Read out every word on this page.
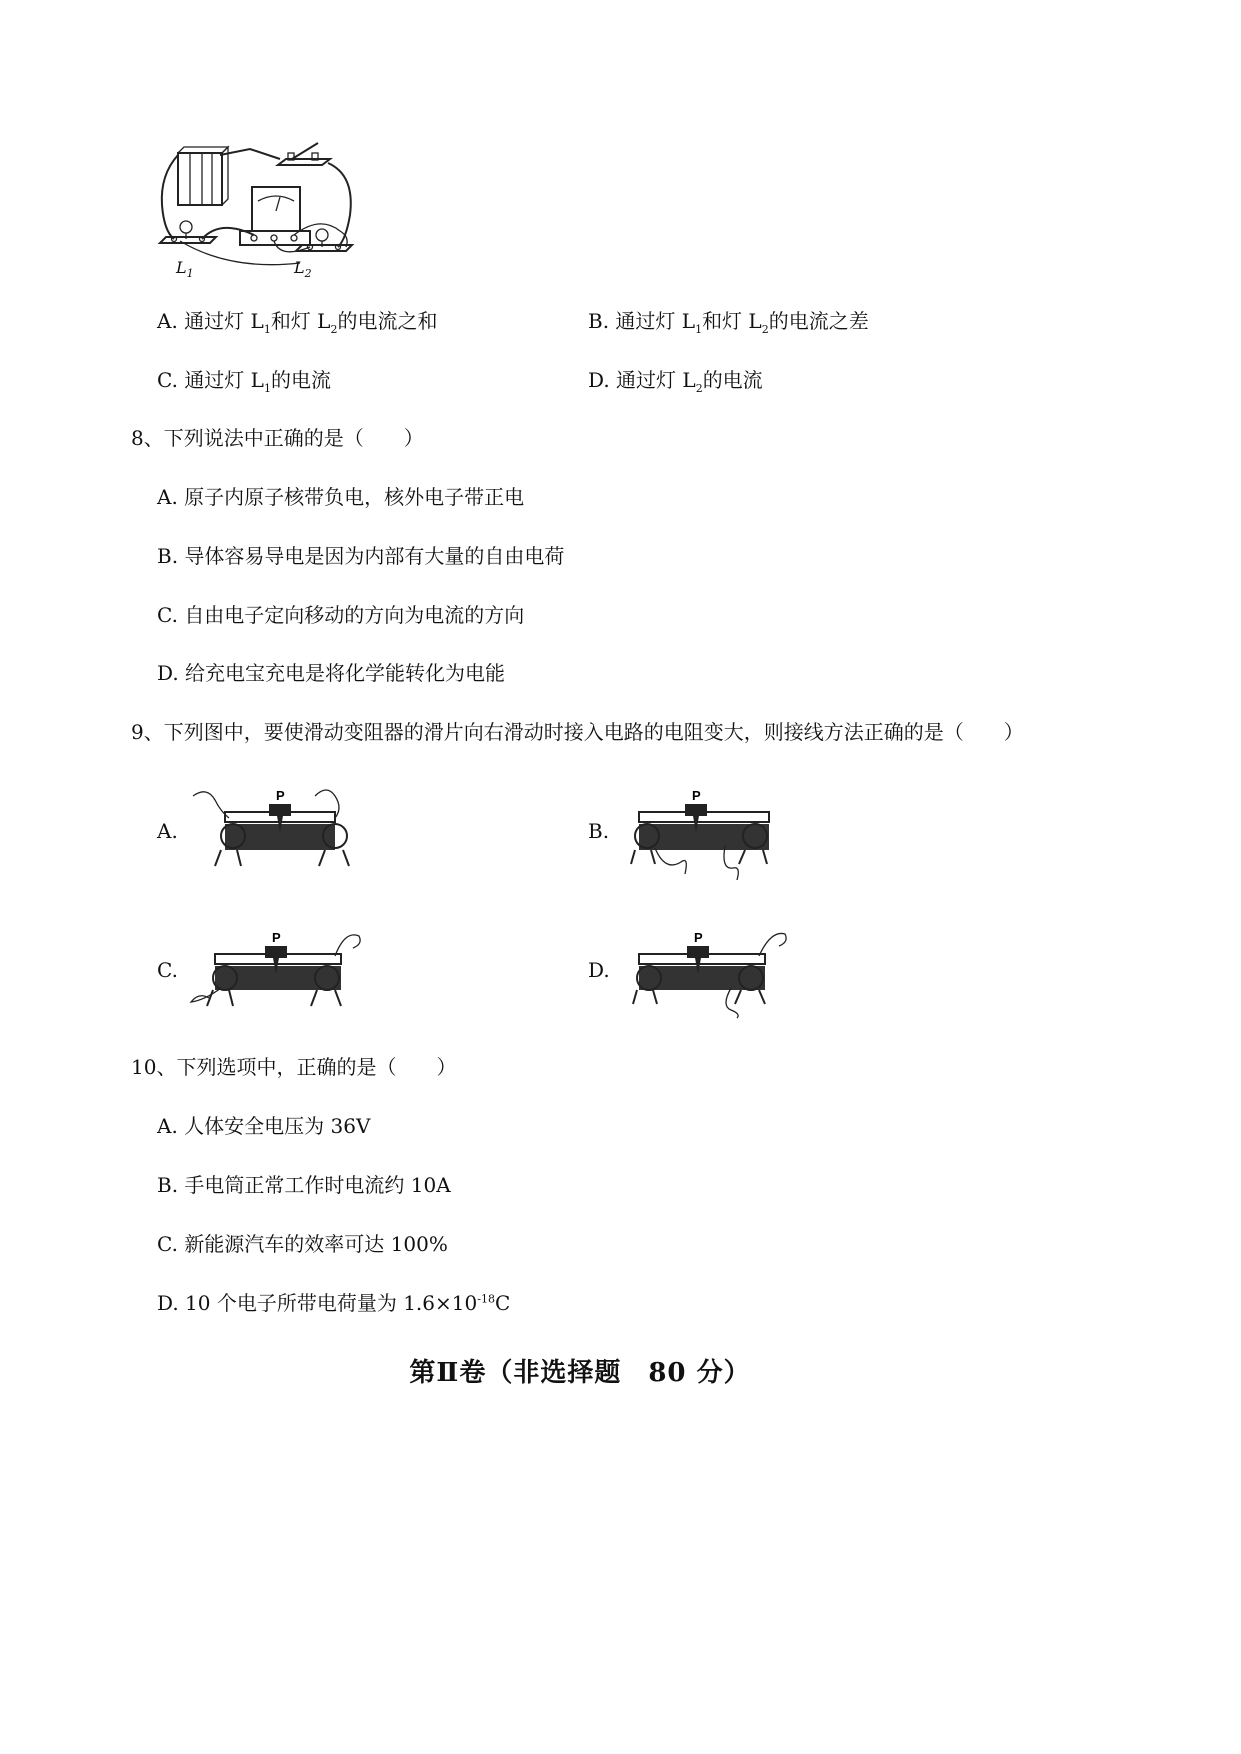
$L_1$	$L_2$
A. 通过灯 $L_1$和灯 $L_2$的电流之和	B. 通过灯 $L_1$和灯 $L_2$的电流之差
C. 通过灯 $L_1$的电流	D. 通过灯 $L_2$的电流
8、下列说法中正确的是（　　）
A. 原子内原子核带负电，核外电子带正电
B. 导体容易导电是因为内部有大量的自由电荷
C. 自由电子定向移动的方向为电流的方向
D. 给充电宝充电是将化学能转化为电能
9、下列图中，要使滑动变阻器的滑片向右滑动时接入电路的电阻变大，则接线方法正确的是（　　）
A.	B.
C.	D.
P	P
P	P
10、下列选项中，正确的是（　　）
A. 人体安全电压为 36V
B. 手电筒正常工作时电流约 10A
C. 新能源汽车的效率可达 100%
D. 10 个电子所带电荷量为 $1.6\times 10^{-18}C$
第Ⅱ卷（非选择题　80 分）
